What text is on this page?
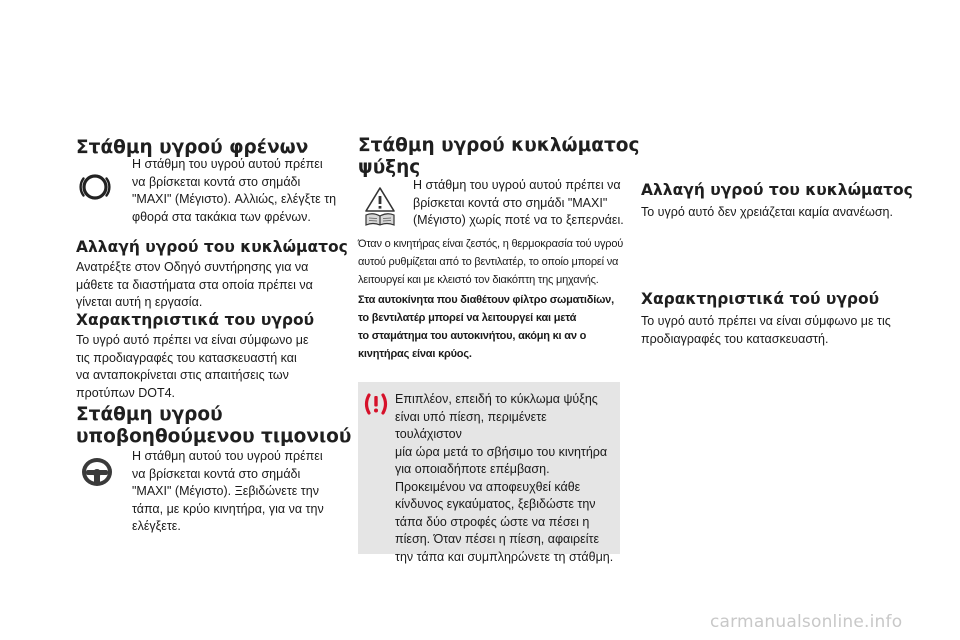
Στάθμη υγρού φρένων

Η στάθμη του υγρού αυτού πρέπει
να βρίσκεται κοντά στο σημάδι
"MAXI" (Μέγιστο). Αλλιώς, ελέγξτε τη
φθορά στα τακάκια των φρένων.

Αλλαγή υγρού του κυκλώματος

Ανατρέξτε στον Οδηγό συντήρησης για να
μάθετε τα διαστήματα στα οποία πρέπει να
γίνεται αυτή η εργασία.

Χαρακτηριστικά του υγρού

Το υγρό αυτό πρέπει να είναι σύμφωνο με
τις προδιαγραφές του κατασκευαστή και
να ανταποκρίνεται στις απαιτήσεις των
προτύπων DOT4.

Στάθμη υγρού
υποβοηθούμενου τιμονιού

Η στάθμη αυτού του υγρού πρέπει
να βρίσκεται κοντά στο σημάδι
"MAXI" (Μέγιστο). Ξεβιδώνετε την
τάπα, με κρύο κινητήρα, για να την
ελέγξετε.

Στάθμη υγρού κυκλώματος
ψύξης

Η στάθμη του υγρού αυτού πρέπει να
βρίσκεται κοντά στο σημάδι "MAXI"
(Μέγιστο) χωρίς ποτέ να το ξεπερνάει.

Όταν ο κινητήρας είναι ζεστός, η θερμοκρασία τού υγρού
αυτού ρυθμίζεται από το βεντιλατέρ, το οποίο μπορεί να
λειτουργεί και με κλειστό τον διακόπτη της μηχανής.

Στα αυτοκίνητα που διαθέτουν φίλτρο σωματιδίων,
το βεντιλατέρ μπορεί να λειτουργεί και μετά
το σταμάτημα του αυτοκινήτου, ακόμη κι αν ο
κινητήρας είναι κρύος.

Επιπλέον, επειδή το κύκλωμα ψύξης
είναι υπό πίεση, περιμένετε τουλάχιστον
μία ώρα μετά το σβήσιμο του κινητήρα
για οποιαδήποτε επέμβαση.
Προκειμένου να αποφευχθεί κάθε
κίνδυνος εγκαύματος, ξεβιδώστε την
τάπα δύο στροφές ώστε να πέσει η
πίεση. Όταν πέσει η πίεση, αφαιρείτε
την τάπα και συμπληρώνετε τη στάθμη.

Αλλαγή υγρού του κυκλώματος

Το υγρό αυτό δεν χρειάζεται καμία ανανέωση.

Χαρακτηριστικά τού υγρού

Το υγρό αυτό πρέπει να είναι σύμφωνο με τις
προδιαγραφές του κατασκευαστή.

carmanualsonline.info
